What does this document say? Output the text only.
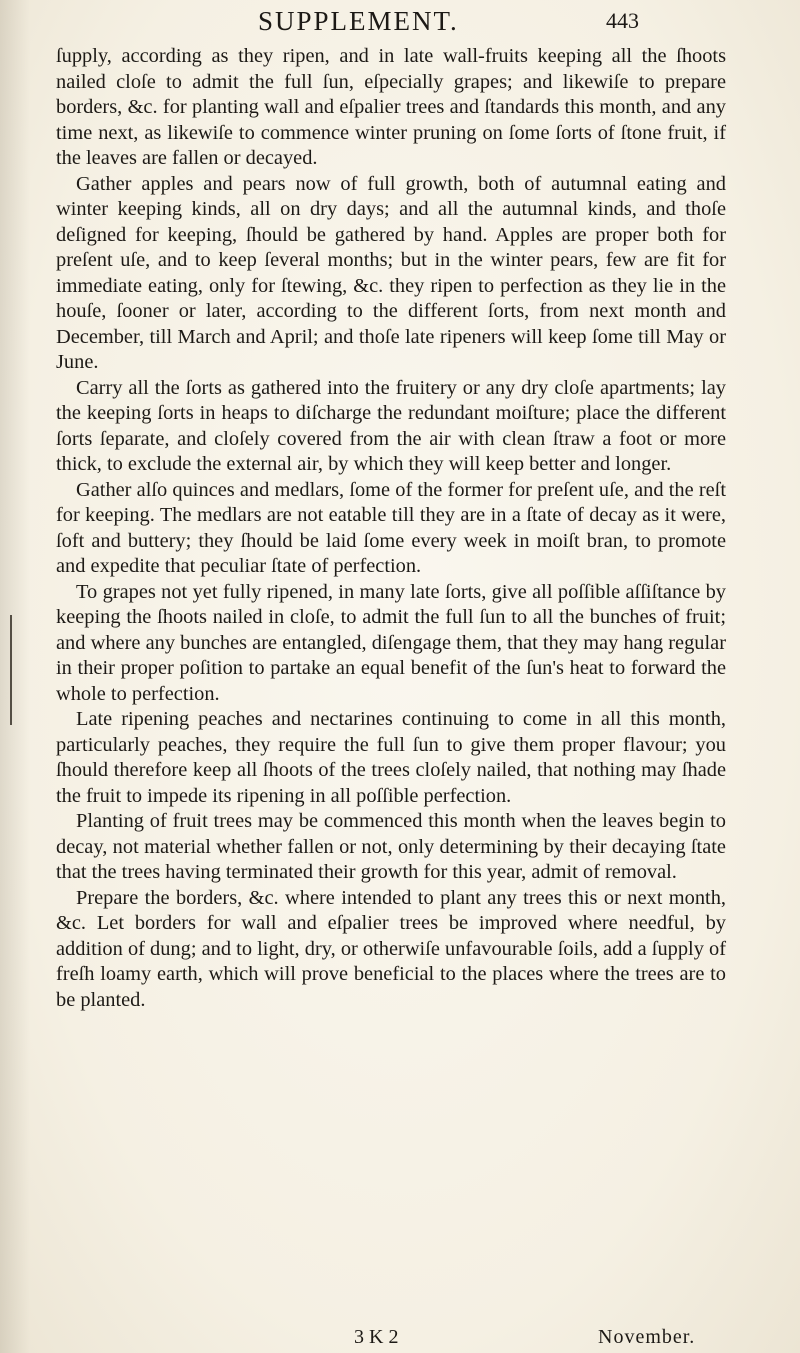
SUPPLEMENT.	443

ſupply, according as they ripen, and in late wall-fruits keeping all the ſhoots nailed cloſe to admit the full ſun, eſpecially grapes; and likewiſe to prepare borders, &c. for planting wall and eſpalier trees and ſtandards this month, and any time next, as likewiſe to commence winter pruning on ſome ſorts of ſtone fruit, if the leaves are fallen or decayed.

Gather apples and pears now of full growth, both of autumnal eating and winter keeping kinds, all on dry days; and all the autumnal kinds, and thoſe deſigned for keeping, ſhould be gathered by hand. Apples are proper both for preſent uſe, and to keep ſeveral months; but in the winter pears, few are fit for immediate eating, only for ſtewing, &c. they ripen to perfection as they lie in the houſe, ſooner or later, according to the different ſorts, from next month and December, till March and April; and thoſe late ripeners will keep ſome till May or June.

Carry all the ſorts as gathered into the fruitery or any dry cloſe apartments; lay the keeping ſorts in heaps to diſcharge the redundant moiſture; place the different ſorts ſeparate, and cloſely covered from the air with clean ſtraw a foot or more thick, to exclude the external air, by which they will keep better and longer.

Gather alſo quinces and medlars, ſome of the former for preſent uſe, and the reſt for keeping. The medlars are not eatable till they are in a ſtate of decay as it were, ſoft and buttery; they ſhould be laid ſome every week in moiſt bran, to promote and expedite that peculiar ſtate of perfection.

To grapes not yet fully ripened, in many late ſorts, give all poſſible aſſiſtance by keeping the ſhoots nailed in cloſe, to admit the full ſun to all the bunches of fruit; and where any bunches are entangled, diſengage them, that they may hang regular in their proper poſition to partake an equal benefit of the ſun's heat to forward the whole to perfection.

Late ripening peaches and nectarines continuing to come in all this month, particularly peaches, they require the full ſun to give them proper flavour; you ſhould therefore keep all ſhoots of the trees cloſely nailed, that nothing may ſhade the fruit to impede its ripening in all poſſible perfection.

Planting of fruit trees may be commenced this month when the leaves begin to decay, not material whether fallen or not, only determining by their decaying ſtate that the trees having terminated their growth for this year, admit of removal.

Prepare the borders, &c. where intended to plant any trees this or next month, &c. Let borders for wall and eſpalier trees be improved where needful, by addition of dung; and to light, dry, or otherwiſe unfavourable ſoils, add a ſupply of freſh loamy earth, which will prove beneficial to the places where the trees are to be planted.

3 K 2	November.
